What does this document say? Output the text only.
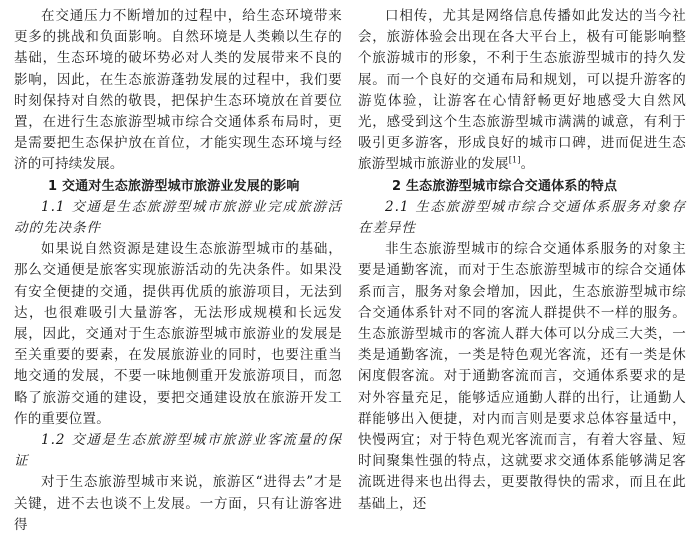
在交通压力不断增加的过程中，给生态环境带来更多的挑战和负面影响。自然环境是人类赖以生存的基础，生态环境的破坏势必对人类的发展带来不良的影响，因此，在生态旅游蓬勃发展的过程中，我们要时刻保持对自然的敬畏，把保护生态环境放在首要位置，在进行生态旅游型城市综合交通体系布局时，更是需要把生态保护放在首位，才能实现生态环境与经济的可持续发展。

1 交通对生态旅游型城市旅游业发展的影响

1.1 交通是生态旅游型城市旅游业完成旅游活动的先决条件

如果说自然资源是建设生态旅游型城市的基础，那么交通便是旅客实现旅游活动的先决条件。如果没有安全便捷的交通，提供再优质的旅游项目，无法到达，也很难吸引大量游客，无法形成规模和长远发展，因此，交通对于生态旅游型城市旅游业的发展是至关重要的要素，在发展旅游业的同时，也要注重当地交通的发展，不要一味地侧重开发旅游项目，而忽略了旅游交通的建设，要把交通建设放在旅游开发工作的重要位置。

1.2 交通是生态旅游型城市旅游业客流量的保证

对于生态旅游型城市来说，旅游区“进得去”才是关键，进不去也谈不上发展。一方面，只有让游客进得

口相传，尤其是网络信息传播如此发达的当今社会，旅游体验会出现在各大平台上，极有可能影响整个旅游城市的形象，不利于生态旅游型城市的持久发展。而一个良好的交通布局和规划，可以提升游客的游览体验，让游客在心情舒畅更好地感受大自然风光，感受到这个生态旅游型城市满满的诚意，有利于吸引更多游客，形成良好的城市口碑，进而促进生态旅游型城市旅游业的发展[1]。

2 生态旅游型城市综合交通体系的特点

2.1 生态旅游型城市综合交通体系服务对象存在差异性

非生态旅游型城市的综合交通体系服务的对象主要是通勤客流，而对于生态旅游型城市的综合交通体系而言，服务对象会增加，因此，生态旅游型城市综合交通体系针对不同的客流人群提供不一样的服务。生态旅游型城市的客流人群大体可以分成三大类，一类是通勤客流，一类是特色观光客流，还有一类是休闲度假客流。对于通勤客流而言，交通体系要求的是对外容量充足，能够适应通勤人群的出行，让通勤人群能够出入便捷，对内而言则是要求总体容量适中，快慢两宜；对于特色观光客流而言，有着大容量、短时间聚集性强的特点，这就要求交通体系能够满足客流既进得来也出得去，更要散得快的需求，而且在此基础上，还
